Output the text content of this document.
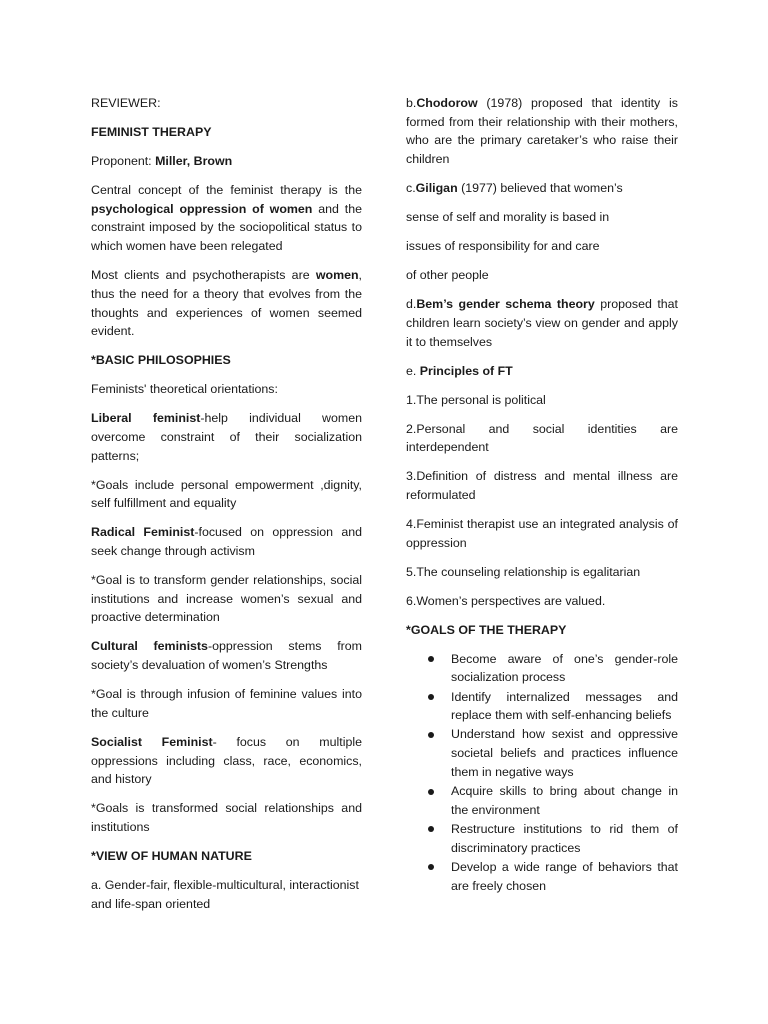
REVIEWER:

FEMINIST THERAPY

Proponent: Miller, Brown

Central concept of the feminist therapy is the psychological oppression of women and the constraint imposed by the sociopolitical status to which women have been relegated

Most clients and psychotherapists are women, thus the need for a theory that evolves from the thoughts and experiences of women seemed evident.

*BASIC PHILOSOPHIES

Feminists' theoretical orientations:

Liberal feminist-help individual women overcome constraint of their socialization patterns;

*Goals include personal empowerment ,dignity, self fulfillment and equality

Radical Feminist-focused on oppression and seek change through activism

*Goal is to transform gender relationships, social institutions and increase women’s sexual and proactive determination

Cultural feminists-oppression stems from society’s devaluation of women’s Strengths

*Goal is through infusion of feminine values into the culture

Socialist Feminist- focus on multiple oppressions including class, race, economics, and history

*Goals is transformed social relationships and institutions

*VIEW OF HUMAN NATURE

a. Gender-fair, flexible-multicultural, interactionist and life-span oriented

b.Chodorow (1978) proposed that identity is formed from their relationship with their mothers, who are the primary caretaker’s who raise their children

c.Giligan (1977) believed that women’s

sense of self and morality is based in

issues of responsibility for and care

of other people

d.Bem’s gender schema theory proposed that children learn society’s view on gender and apply it to themselves

e. Principles of FT

1.The personal is political

2.Personal and social identities are interdependent

3.Definition of distress and mental illness are reformulated

4.Feminist therapist use an integrated analysis of oppression

5.The counseling relationship is egalitarian

6.Women’s perspectives are valued.

*GOALS OF THE THERAPY

Become aware of one’s gender-role socialization process
Identify internalized messages and replace them with self-enhancing beliefs
Understand how sexist and oppressive societal beliefs and practices influence them in negative ways
Acquire skills to bring about change in the environment
Restructure institutions to rid them of discriminatory practices
Develop a wide range of behaviors that are freely chosen
